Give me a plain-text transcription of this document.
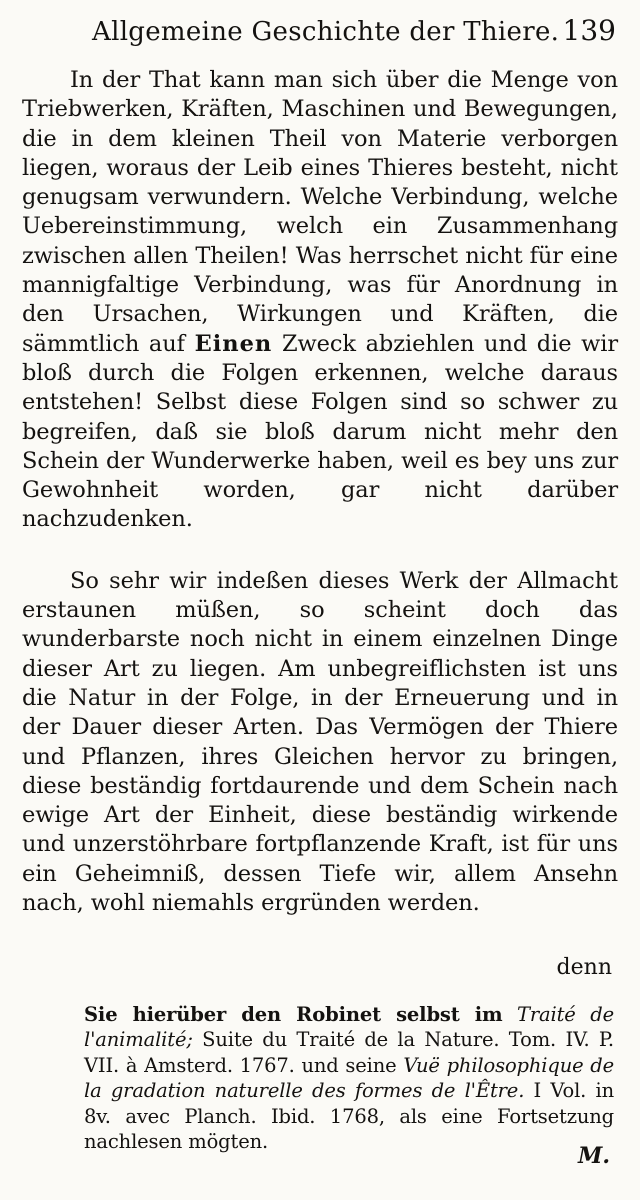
Allgemeine Geschichte der Thiere. 139

In der That kann man sich über die Menge von Triebwerken, Kräften, Maschinen und Bewegungen, die in dem kleinen Theil von Materie verborgen liegen, woraus der Leib eines Thieres besteht, nicht genugsam verwundern. Welche Verbindung, welche Uebereinstimmung, welch ein Zusammenhang zwischen allen Theilen! Was herrschet nicht für eine mannigfaltige Verbindung, was für Anordnung in den Ursachen, Wirkungen und Kräften, die sämmtlich auf Einen Zweck abziehlen und die wir bloß durch die Folgen erkennen, welche daraus entstehen! Selbst diese Folgen sind so schwer zu begreifen, daß sie bloß darum nicht mehr den Schein der Wunderwerke haben, weil es bey uns zur Gewohnheit worden, gar nicht darüber nachzudenken.

So sehr wir indeßen dieses Werk der Allmacht erstaunen müßen, so scheint doch das wunderbarste noch nicht in einem einzelnen Dinge dieser Art zu liegen. Am unbegreiflichsten ist uns die Natur in der Folge, in der Erneuerung und in der Dauer dieser Arten. Das Vermögen der Thiere und Pflanzen, ihres Gleichen hervor zu bringen, diese beständig fortdaurende und dem Schein nach ewige Art der Einheit, diese beständig wirkende und unzerstöhrbare fortpflanzende Kraft, ist für uns ein Geheimniß, dessen Tiefe wir, allem Ansehn nach, wohl niemahls ergründen werden.

denn
Sie hierüber den Robinet selbst im Traité de l'animalité; Suite du Traité de la Nature. Tom. IV. P. VII. à Amsterd. 1767. und seine Vuë philosophique de la gradation naturelle des formes de l'Être. I Vol. in 8v. avec Planch. Ibid. 1768, als eine Fortsetzung nachlesen mögten.
M.
